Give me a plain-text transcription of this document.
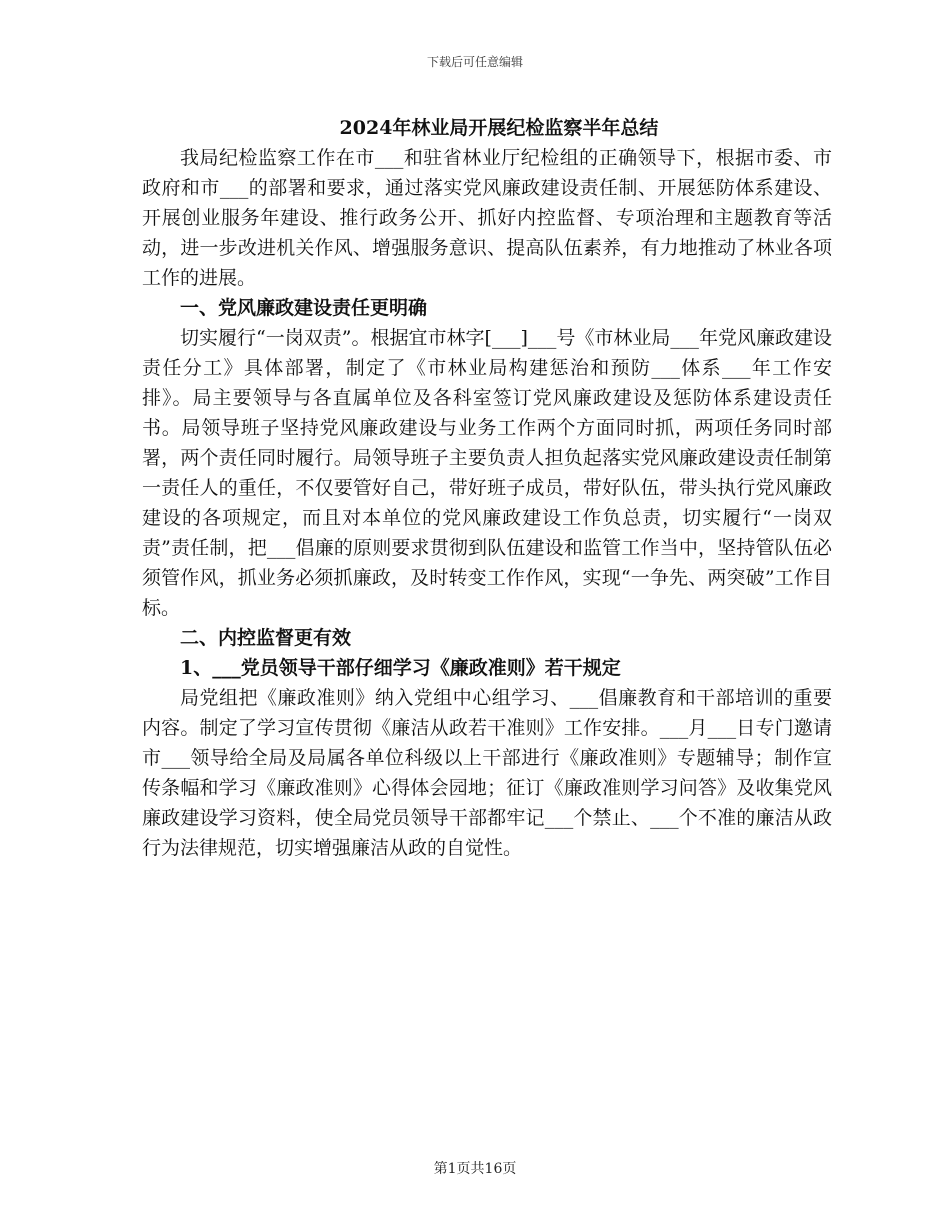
下载后可任意编辑

2024年林业局开展纪检监察半年总结

我局纪检监察工作在市___和驻省林业厅纪检组的正确领导下，根据市委、市政府和市___的部署和要求，通过落实党风廉政建设责任制、开展惩防体系建设、开展创业服务年建设、推行政务公开、抓好内控监督、专项治理和主题教育等活动，进一步改进机关作风、增强服务意识、提高队伍素养，有力地推动了林业各项工作的进展。

一、党风廉政建设责任更明确

切实履行“一岗双责”。根据宜市林字[___]___号《市林业局___年党风廉政建设责任分工》具体部署，制定了《市林业局构建惩治和预防___体系___年工作安排》。局主要领导与各直属单位及各科室签订党风廉政建设及惩防体系建设责任书。局领导班子坚持党风廉政建设与业务工作两个方面同时抓，两项任务同时部署，两个责任同时履行。局领导班子主要负责人担负起落实党风廉政建设责任制第一责任人的重任，不仅要管好自己，带好班子成员，带好队伍，带头执行党风廉政建设的各项规定，而且对本单位的党风廉政建设工作负总责，切实履行“一岗双责”责任制，把___倡廉的原则要求贯彻到队伍建设和监管工作当中，坚持管队伍必须管作风，抓业务必须抓廉政，及时转变工作作风，实现“一争先、两突破”工作目标。

二、内控监督更有效

1、___党员领导干部仔细学习《廉政准则》若干规定

局党组把《廉政准则》纳入党组中心组学习、___倡廉教育和干部培训的重要内容。制定了学习宣传贯彻《廉洁从政若干准则》工作安排。___月___日专门邀请市___领导给全局及局属各单位科级以上干部进行《廉政准则》专题辅导；制作宣传条幅和学习《廉政准则》心得体会园地；征订《廉政准则学习问答》及收集党风廉政建设学习资料，使全局党员领导干部都牢记___个禁止、___个不准的廉洁从政行为法律规范，切实增强廉洁从政的自觉性。

第1页共16页
